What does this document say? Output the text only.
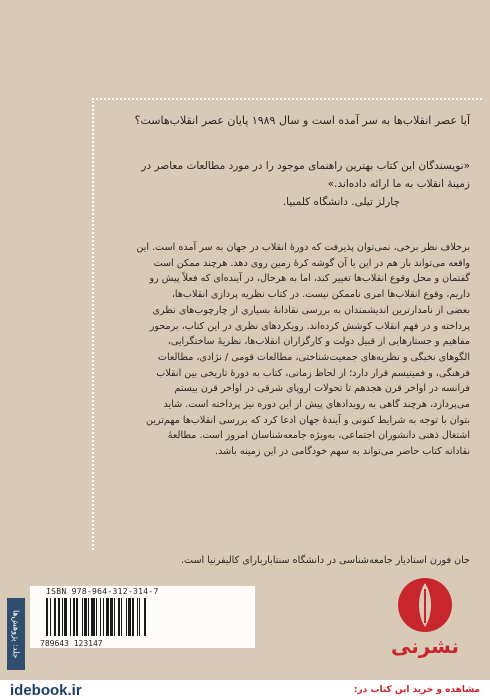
آیا عصر انقلاب‌ها به سر آمده است و سال ۱۹۸۹ پایان عصر انقلاب‌هاست؟
«نویسندگان این کتاب بهترین راهنمای موجود را در مورد مطالعات معاصر در
زمینهٔ انقلاب به ما ارائه داده‌اند.»
چارلز تیلی. دانشگاه کلمبیا.
برخلاف نظر برخی، نمی‌توان پذیرفت که دورهٔ انقلاب در جهان به سر آمده است. این
واقعه می‌تواند باز هم در این یا آن گوشه کرهٔ زمین روی دهد. هرچند ممکن است
گفتمان و محل وقوع انقلاب‌ها تغییر کند، اما به هرحال، در آینده‌ای که فعلاً پیش رو
داریم، وقوع انقلاب‌ها امری ناممکن نیست. در کتاب نظریه پردازی انقلاب‌ها،
بعضی از نامدارترین اندیشمندان به بررسی نقادانهٔ بسیاری از چارچوب‌های نظری
پرداخته و در فهم انقلاب کوشش کرده‌اند. رویکردهای نظری در این کتاب، برمحور
مفاهیم و جستارهایی از قبیل دولت و کارگزاران انقلاب‌ها، نظریهٔ ساختگرایی،
الگوهای نخبگی و نظریه‌های جمعیت‌شناختی، مطالعات قومی / نژادی، مطالعات
فرهنگی، و فمینیسم قرار دارد؛ از لحاظ زمانی، کتاب به دورهٔ تاریخی بین انقلاب
فرانسه در اواخر قرن هجدهم تا تحولات اروپای شرقی در اواخر قرن بیستم
می‌پردازد، هرچند گاهی به رویدادهای پیش از این دوره نیز پرداخته است. شاید
بتوان با توجه به شرایط کنونی و آیندهٔ جهان ادعا کرد که بررسی انقلاب‌ها مهم‌ترین
اشتغال ذهنی دانشوران اجتماعی، به‌ویژه جامعه‌شناسان امروز است. مطالعهٔ
نقادانه کتاب حاضر می‌تواند به سهم خودگامی در این زمینه باشد.
جان فورن استادیار جامعه‌شناسی در دانشگاه سنتاباربارای کالیفرنیا است.
ISBN 978-964-312-314-7
789643 123147
جلد: پژوهش‌ها	نشرنی
idebook.ir	مشاهده و خرید این کتاب در:
